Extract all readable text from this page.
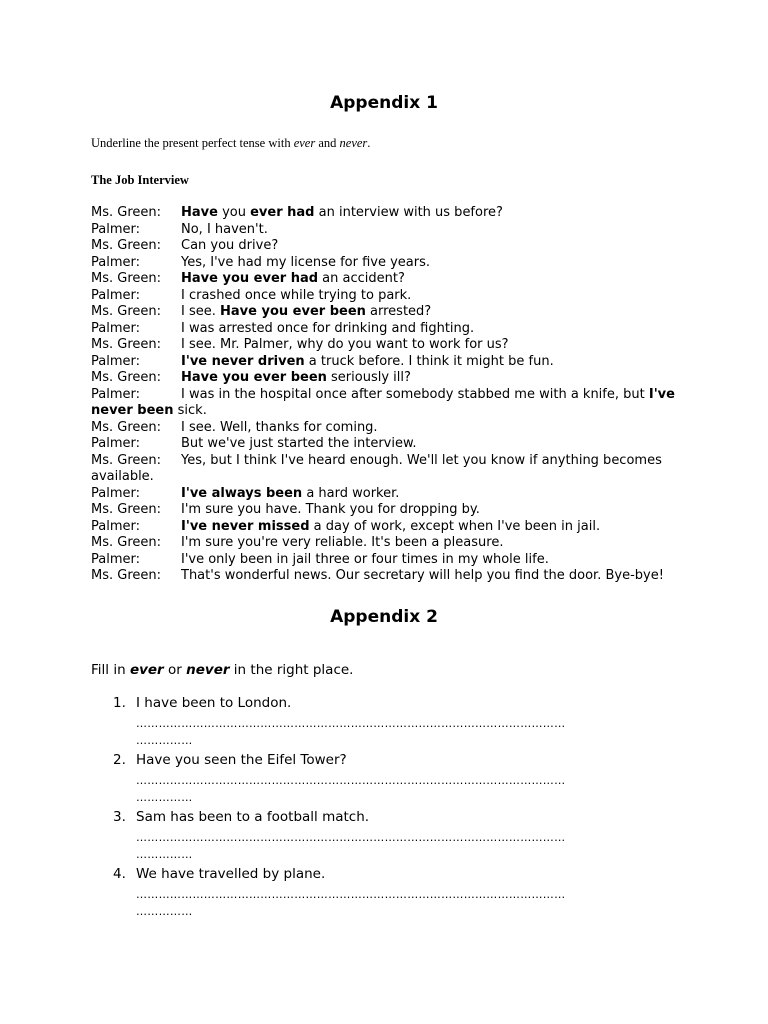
Appendix 1
Underline the present perfect tense with ever and never.
The Job Interview
Ms. Green: Have you ever had an interview with us before?
Palmer:	No, I haven't.
Ms. Green: Can you drive?
Palmer:	Yes, I've had my license for five years.
Ms. Green: Have you ever had an accident?
Palmer:	I crashed once while trying to park.
Ms. Green: I see. Have you ever been arrested?
Palmer:	I was arrested once for drinking and fighting.
Ms. Green: I see. Mr. Palmer, why do you want to work for us?
Palmer:	I've never driven a truck before. I think it might be fun.
Ms. Green: Have you ever been seriously ill?
Palmer:	I was in the hospital once after somebody stabbed me with a knife, but I've never been sick.
Ms. Green: I see. Well, thanks for coming.
Palmer:	But we've just started the interview.
Ms. Green: Yes, but I think I've heard enough. We'll let you know if anything becomes available.
Palmer:	I've always been a hard worker.
Ms. Green: I'm sure you have. Thank you for dropping by.
Palmer:	I've never missed a day of work, except when I've been in jail.
Ms. Green: I'm sure you're very reliable. It's been a pleasure.
Palmer:	I've only been in jail three or four times in my whole life.
Ms. Green: That's wonderful news. Our secretary will help you find the door. Bye-bye!
Appendix 2
Fill in ever or never in the right place.
1. I have been to London.
……………………………………………………………………………………………………
……………
2. Have you seen the Eifel Tower?
……………………………………………………………………………………………………
……………
3. Sam has been to a football match.
……………………………………………………………………………………………………
……………
4. We have travelled by plane.
……………………………………………………………………………………………………
……………
